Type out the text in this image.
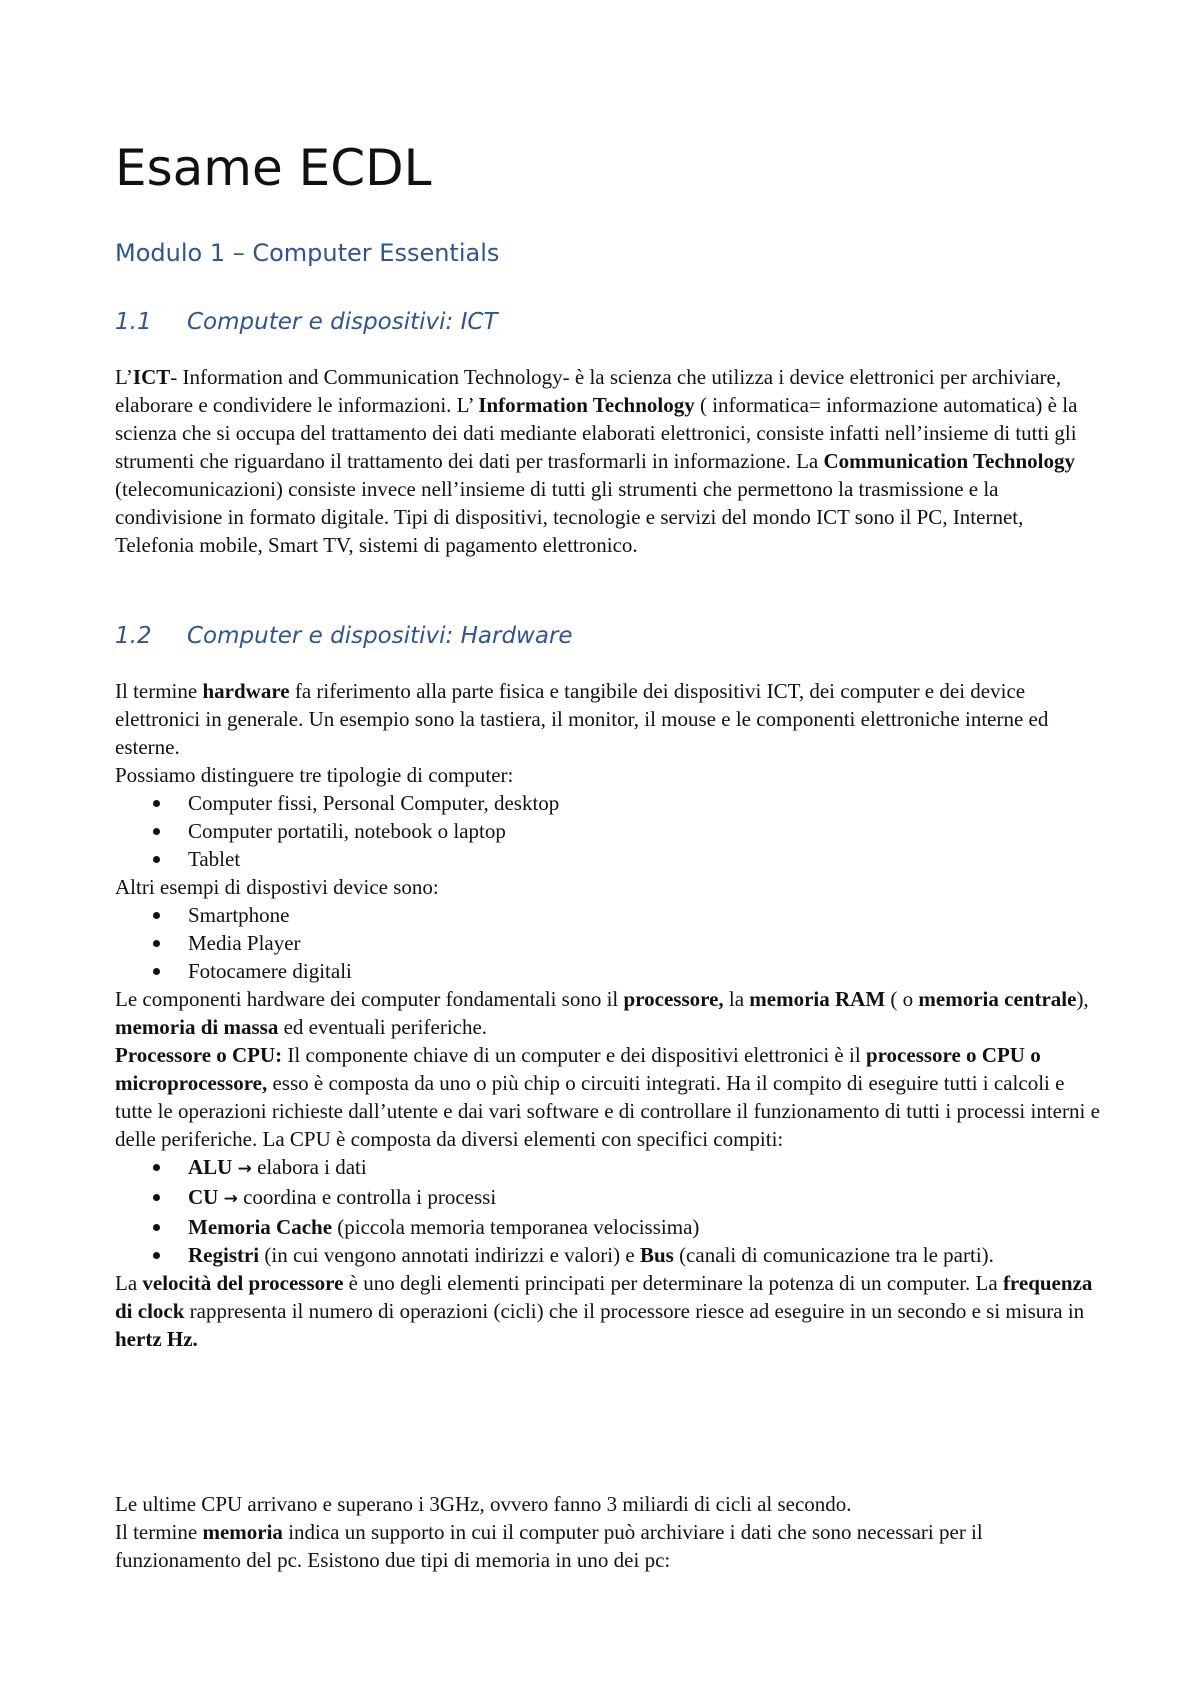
Esame ECDL
Modulo 1 – Computer Essentials
1.1 Computer e dispositivi: ICT

L’ICT- Information and Communication Technology- è la scienza che utilizza i device elettronici per archiviare, elaborare e condividere le informazioni. L’ Information Technology ( informatica= informazione automatica) è la scienza che si occupa del trattamento dei dati mediante elaborati elettronici, consiste infatti nell’insieme di tutti gli strumenti che riguardano il trattamento dei dati per trasformarli in informazione. La Communication Technology (telecomunicazioni) consiste invece nell’insieme di tutti gli strumenti che permettono la trasmissione e la condivisione in formato digitale. Tipi di dispositivi, tecnologie e servizi del mondo ICT sono il PC, Internet, Telefonia mobile, Smart TV, sistemi di pagamento elettronico.

1.2 Computer e dispositivi: Hardware

Il termine hardware fa riferimento alla parte fisica e tangibile dei dispositivi ICT, dei computer e dei device elettronici in generale. Un esempio sono la tastiera, il monitor, il mouse e le componenti elettroniche interne ed esterne.

Possiamo distinguere tre tipologie di computer:

Computer fissi, Personal Computer, desktop
Computer portatili, notebook o laptop
Tablet

Altri esempi di dispostivi device sono:

Smartphone
Media Player
Fotocamere digitali

Le componenti hardware dei computer fondamentali sono il processore, la memoria RAM ( o memoria centrale), memoria di massa ed eventuali periferiche.

Processore o CPU: Il componente chiave di un computer e dei dispositivi elettronici è il processore o CPU o microprocessore, esso è composta da uno o più chip o circuiti integrati. Ha il compito di eseguire tutti i calcoli e tutte le operazioni richieste dall’utente e dai vari software e di controllare il funzionamento di tutti i processi interni e delle periferiche. La CPU è composta da diversi elementi con specifici compiti:

ALU → elabora i dati
CU → coordina e controlla i processi
Memoria Cache (piccola memoria temporanea velocissima)
Registri (in cui vengono annotati indirizzi e valori) e Bus (canali di comunicazione tra le parti).

La velocità del processore è uno degli elementi principati per determinare la potenza di un computer. La frequenza di clock rappresenta il numero di operazioni (cicli) che il processore riesce ad eseguire in un secondo e si misura in hertz Hz.

Le ultime CPU arrivano e superano i 3GHz, ovvero fanno 3 miliardi di cicli al secondo.

Il termine memoria indica un supporto in cui il computer può archiviare i dati che sono necessari per il funzionamento del pc. Esistono due tipi di memoria in uno dei pc:
